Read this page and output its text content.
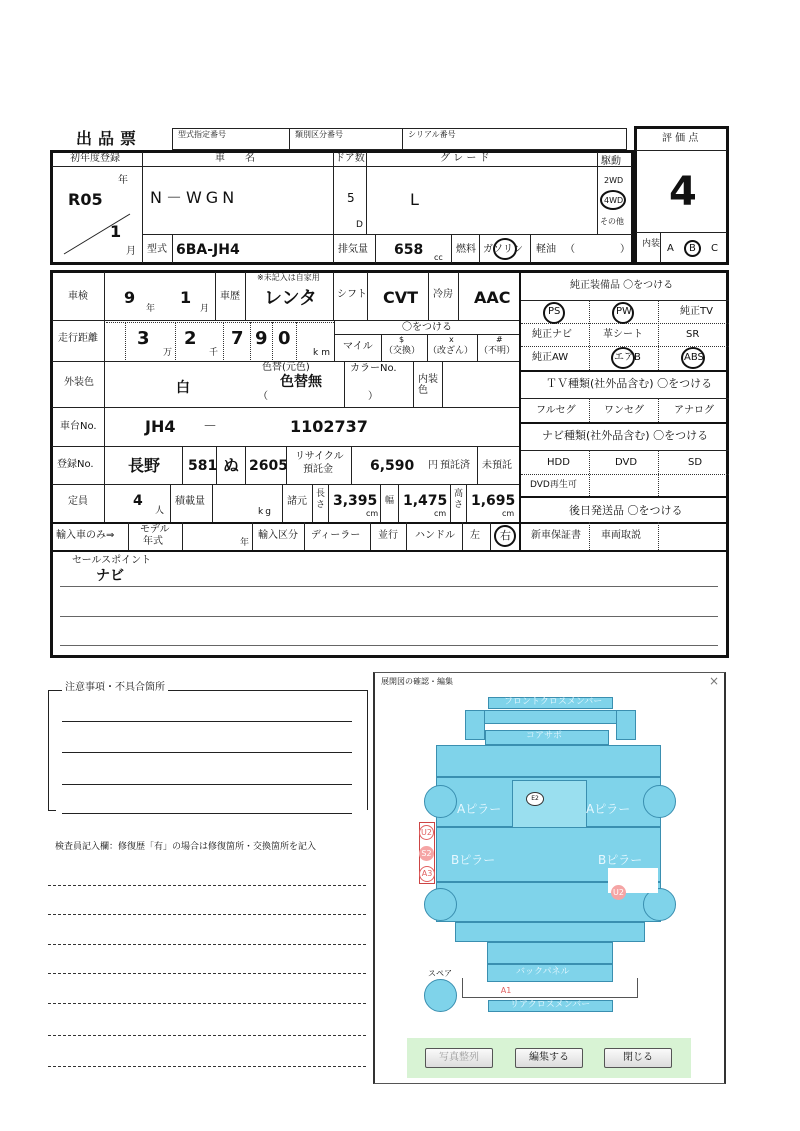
出品票	型式指定番号	類別区分番号	シリアル番号	評 価 点
4
内装 A B C
初年度登録
年
R05
1
月
車　　名
N－WGN
ドア数
5
D
グ レ ー ド
L
駆動
2WD
4WD
その他
型式 6BA-JH4	排気量 658 cc
燃料 ガソリン 軽油 （	）
車検 9
年
1
月
車歴
※未記入は自家用
レンタ シフト CVT 冷房 AAC
走行距離 3
万
2
千
7 9 0
km
〇をつける
マイル
$
（交換）
x
（改ざん）
#
（不明）
外装色	白
色替(元色)
色替無
（　　　　　　　　　　）
カラーNo.
内装色
車台No.	JH4 －	1102737
登録No. 長野 581 ぬ 2605
リサイクル
預託金	6,590 円 預託済 未預託
定員	4
人
積載量
kg
諸元
長さ 3,395
cm
幅 1,475
cm
高さ 1,695
cm
輸入車のみ⇒
モデル
年式	年
輸入区分 ディーラー 並行 ハンドル 左 右
セールスポイント
ナビ
純正装備品 〇をつける
PS	PW	純正TV
純正ナビ	革シート	SR
純正AW	エアB	ABS
ＴＶ種類(社外品含む) 〇をつける
フルセグ	ワンセグ	アナログ
ナビ種類(社外品含む) 〇をつける
HDD	DVD	SD
DVD再生可
後日発送品 〇をつける
新車保証書 車両取説
注意事項・不具合箇所
検査員記入欄：修復歴「有」の場合は修復箇所・交換箇所を記入
展開図の確認・編集	×
フロントクロスメンバー
コアサポ
バックパネル
リアクロスメンバー
スペア
Aピラー	Aピラー
Bピラー	Bピラー
E2
U2
S2
A3
U2
A1
写真整列	編集する	閉じる
